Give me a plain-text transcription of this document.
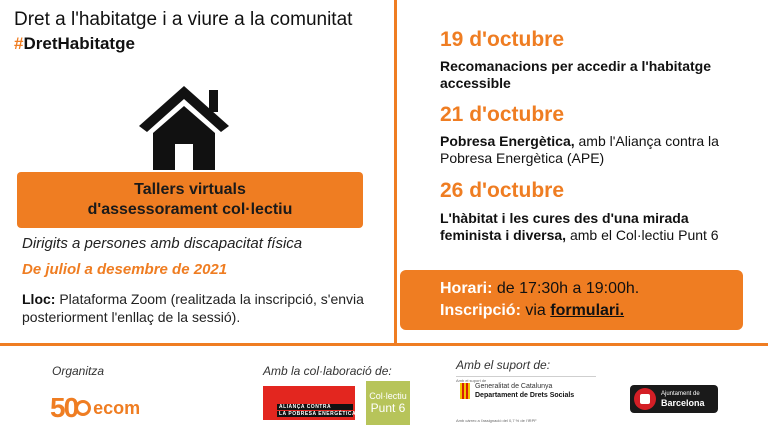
Dret a l'habitatge i a viure a la comunitat
#DretHabitatge
Tallers virtuals
d'assessorament col·lectiu
Dirigits a persones amb discapacitat física
De juliol a desembre de 2021
Lloc: Plataforma Zoom (realitzada la inscripció, s'envia posteriorment l'enllaç de la sessió).
19 d'octubre
Recomanacions per accedir a l'habitatge accessible
21 d'octubre
Pobresa Energètica, amb l'Aliança contra la Pobresa Energètica (APE)
26 d'octubre
L'hàbitat i les cures des d'una mirada feminista i diversa, amb el Col·lectiu Punt 6
Horari: de 17:30h a 19:00h.
Inscripció: via formulari.
Organitza	Amb la col·laboració de:	Amb el suport de:
50 ecom	ALIANÇA CONTRA
LA POBRESA ENERGÈTICA
Col·lectiu
Punt 6
Amb el suport de
Generalitat de Catalunya
Departament de Drets Socials
Amb càrrec a l'assignació del 0,7 % de l'IRPF
Ajuntament de
Barcelona
